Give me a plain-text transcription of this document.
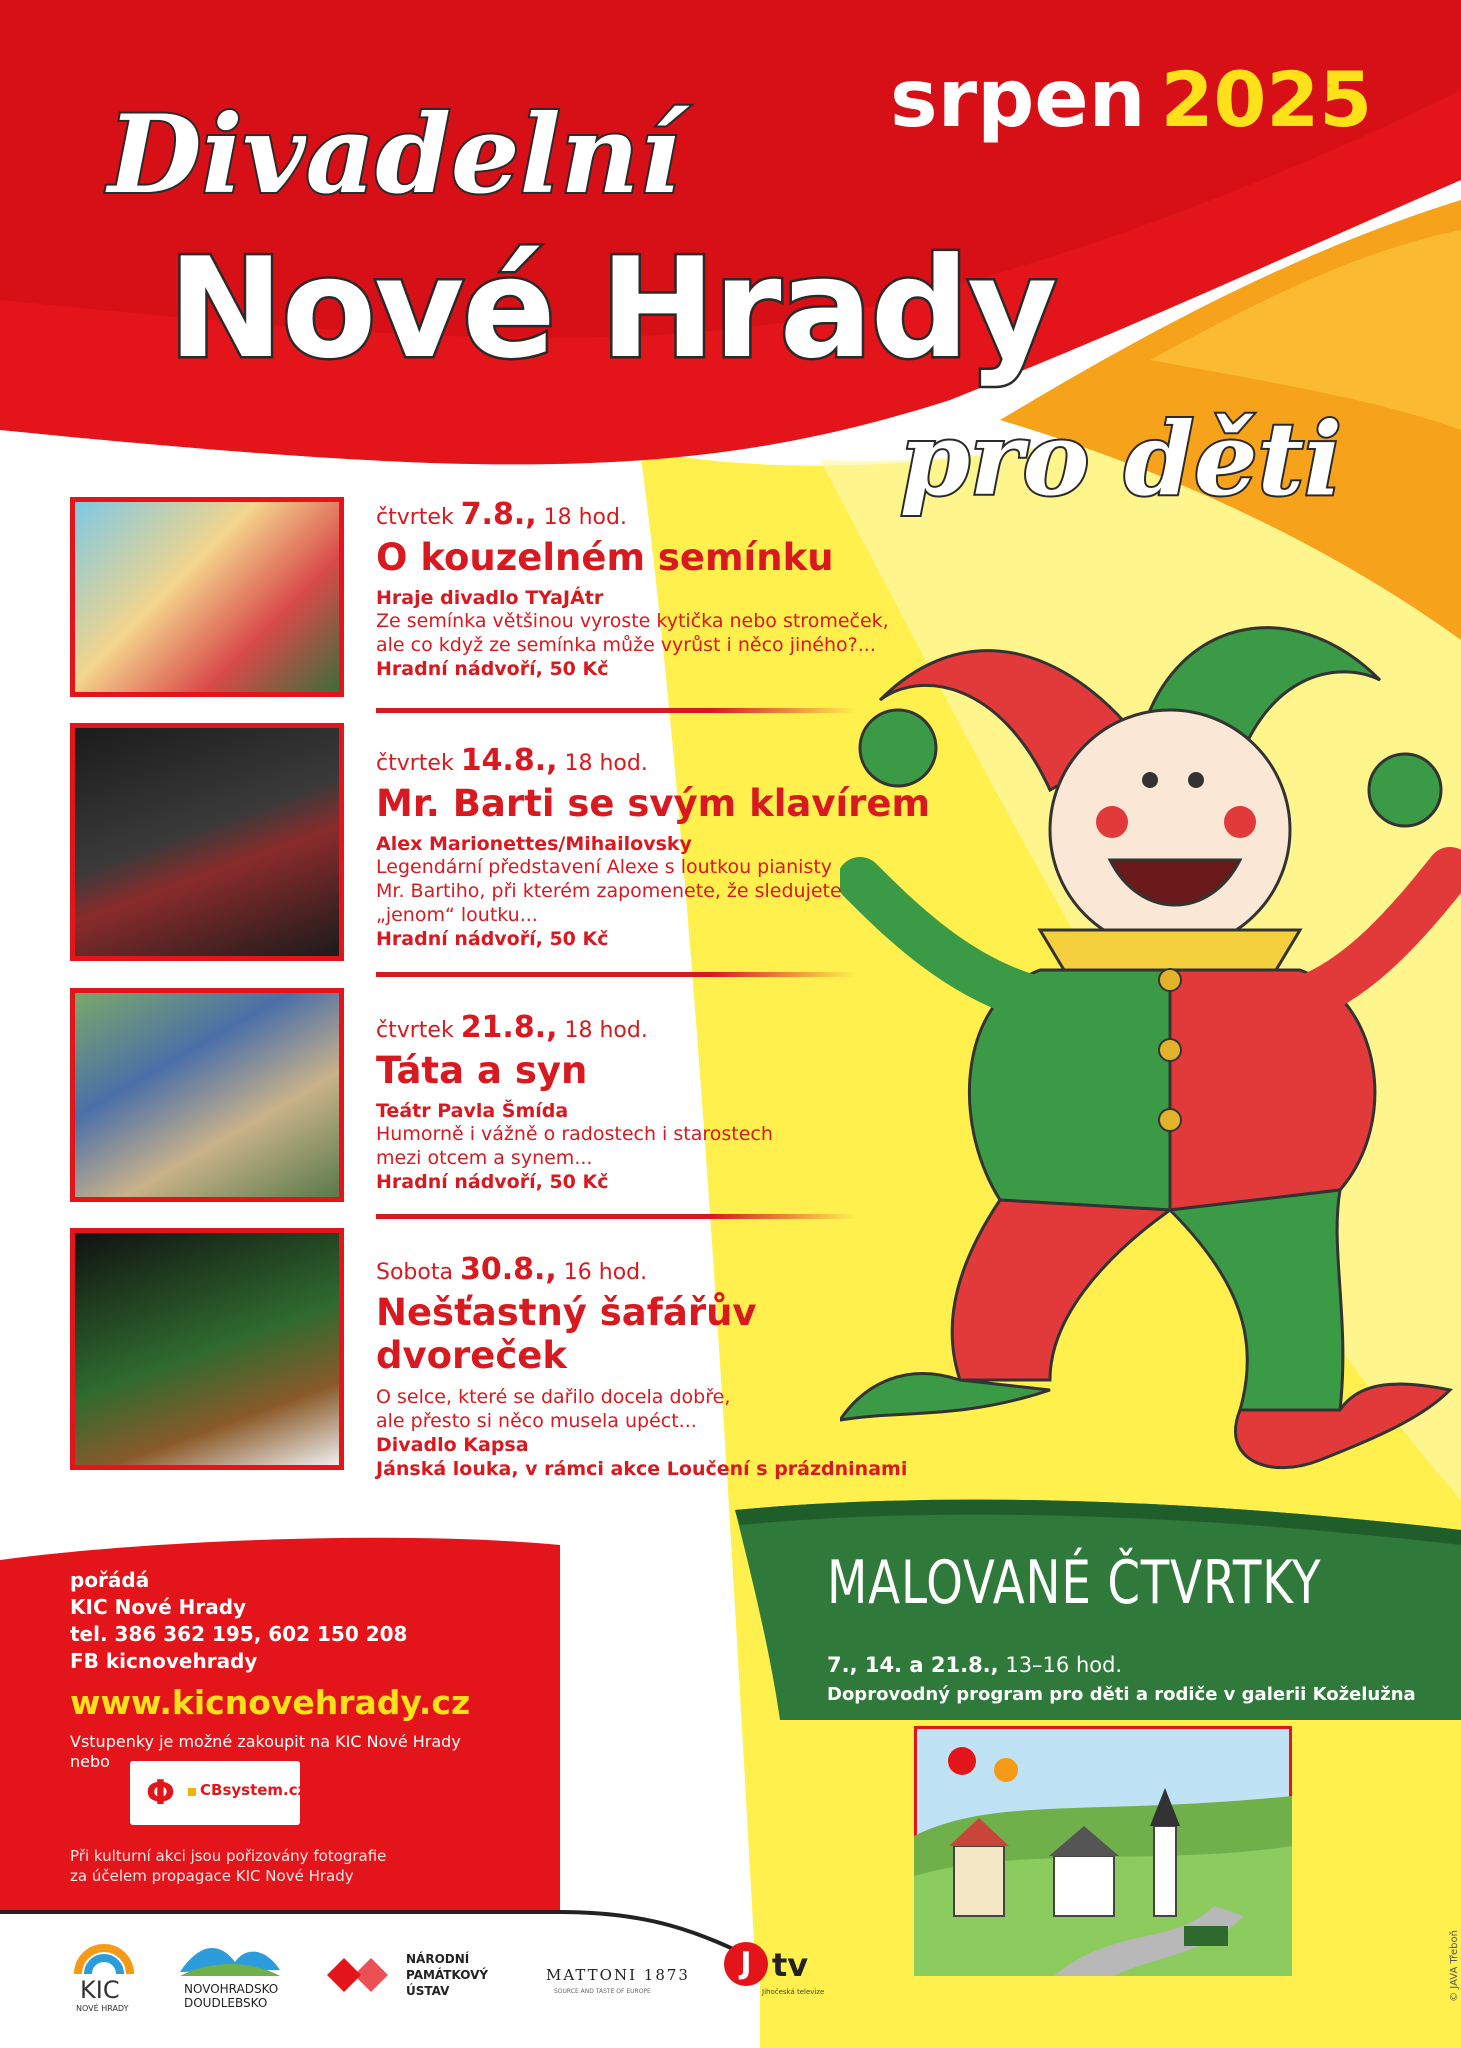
srpen 2025
Divadelní
Nové Hrady
pro děti
čtvrtek 7.8., 18 hod.
O kouzelném semínku
Hraje divadlo TYaJÁtr
Ze semínka většinou vyroste kytička nebo stromeček,
ale co když ze semínka může vyrůst i něco jiného?...
Hradní nádvoří, 50 Kč
čtvrtek 14.8., 18 hod.
Mr. Barti se svým klavírem
Alex Marionettes/Mihailovsky
Legendární představení Alexe s loutkou pianisty
Mr. Bartiho, při kterém zapomenete, že sledujete
„jenom“ loutku...
Hradní nádvoří, 50 Kč
čtvrtek 21.8., 18 hod.
Táta a syn
Teátr Pavla Šmída
Humorně i vážně o radostech i starostech
mezi otcem a synem...
Hradní nádvoří, 50 Kč
Sobota 30.8., 16 hod.
Nešťastný šafářův
dvoreček
O selce, které se dařilo docela dobře,
ale přesto si něco musela upéct...
Divadlo Kapsa
Jánská louka, v rámci akce Loučení s prázdninami
pořádá
KIC Nové Hrady
tel. 386 362 195, 602 150 208
FB kicnovehrady
www.kicnovehrady.cz
Vstupenky je možné zakoupit na KIC Nové Hrady
nebo
Φ CBsystem.cz
Při kulturní akci jsou pořizovány fotografie
za účelem propagace KIC Nové Hrady
MALOVANÉ ČTVRTKY
7., 14. a 21.8., 13–16 hod.
Doprovodný program pro děti a rodiče v galerii Koželužna
KIC
NOVÉ HRADY
NOVOHRADSKO
DOUDLEBSKO
NÁRODNÍ
PAMÁTKOVÝ
ÚSTAV
MATTONI 1873
SOURCE AND TASTE OF EUROPE
J tv
Jihočeská televize	© JAVA Třeboň
